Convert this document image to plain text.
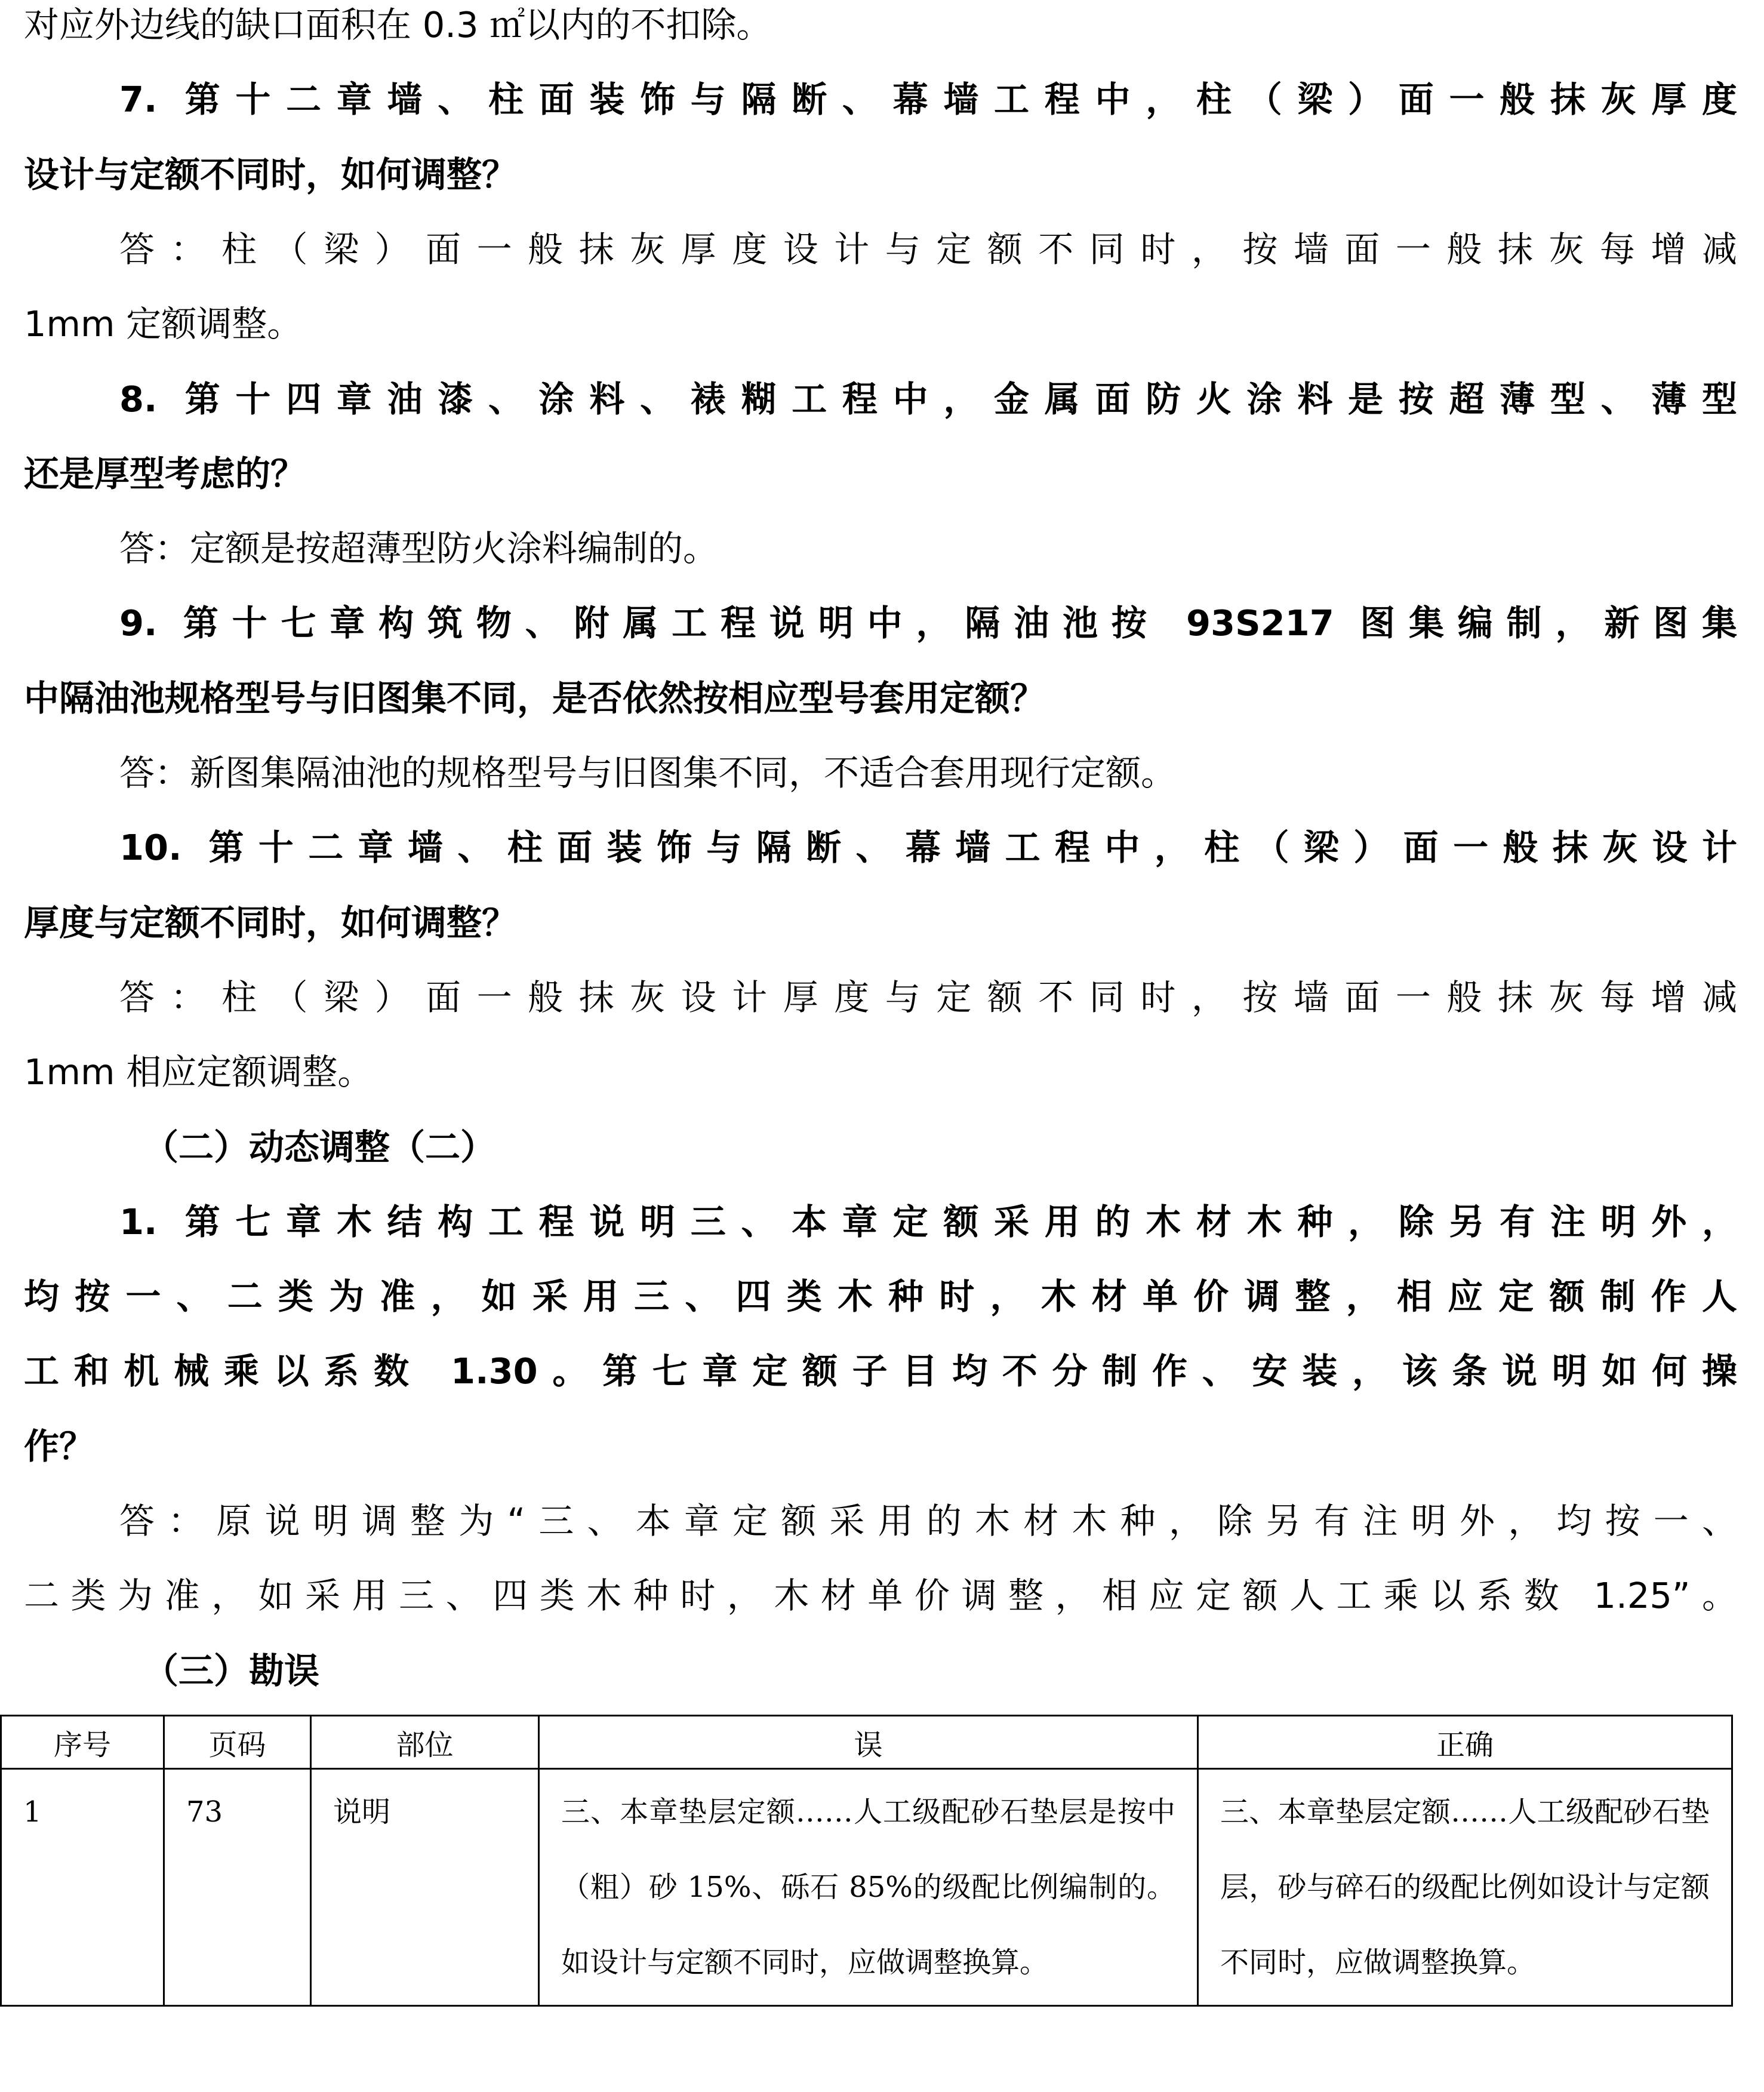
对应外边线的缺口面积在 0.3 ㎡以内的不扣除。
7. 第十二章墙、柱面装饰与隔断、幕墙工程中，柱（梁）面一般抹灰厚度
设计与定额不同时，如何调整？
答：柱（梁）面一般抹灰厚度设计与定额不同时，按墙面一般抹灰每增减
1mm 定额调整。
8. 第十四章油漆、涂料、裱糊工程中，金属面防火涂料是按超薄型、薄型
还是厚型考虑的？
答：定额是按超薄型防火涂料编制的。
9. 第十七章构筑物、附属工程说明中，隔油池按 93S217 图集编制，新图集
中隔油池规格型号与旧图集不同，是否依然按相应型号套用定额？
答：新图集隔油池的规格型号与旧图集不同，不适合套用现行定额。
10. 第十二章墙、柱面装饰与隔断、幕墙工程中，柱（梁）面一般抹灰设计
厚度与定额不同时，如何调整？
答：柱（梁）面一般抹灰设计厚度与定额不同时，按墙面一般抹灰每增减
1mm 相应定额调整。
（二）动态调整（二）
1. 第七章木结构工程说明三、本章定额采用的木材木种，除另有注明外，
均按一、二类为准，如采用三、四类木种时，木材单价调整，相应定额制作人
工和机械乘以系数 1.30。第七章定额子目均不分制作、安装，该条说明如何操
作？
答：原说明调整为“三、本章定额采用的木材木种，除另有注明外，均按一、
二类为准，如采用三、四类木种时，木材单价调整，相应定额人工乘以系数 1.25”。
（三）勘误
序号	页码	部位	误	正确
1	73	说明	三、本章垫层定额……人工级配砂石垫层是按中（粗）砂 15%、砾石 85%的级配比例编制的。如设计与定额不同时，应做调整换算。	三、本章垫层定额……人工级配砂石垫层，砂与碎石的级配比例如设计与定额不同时，应做调整换算。
